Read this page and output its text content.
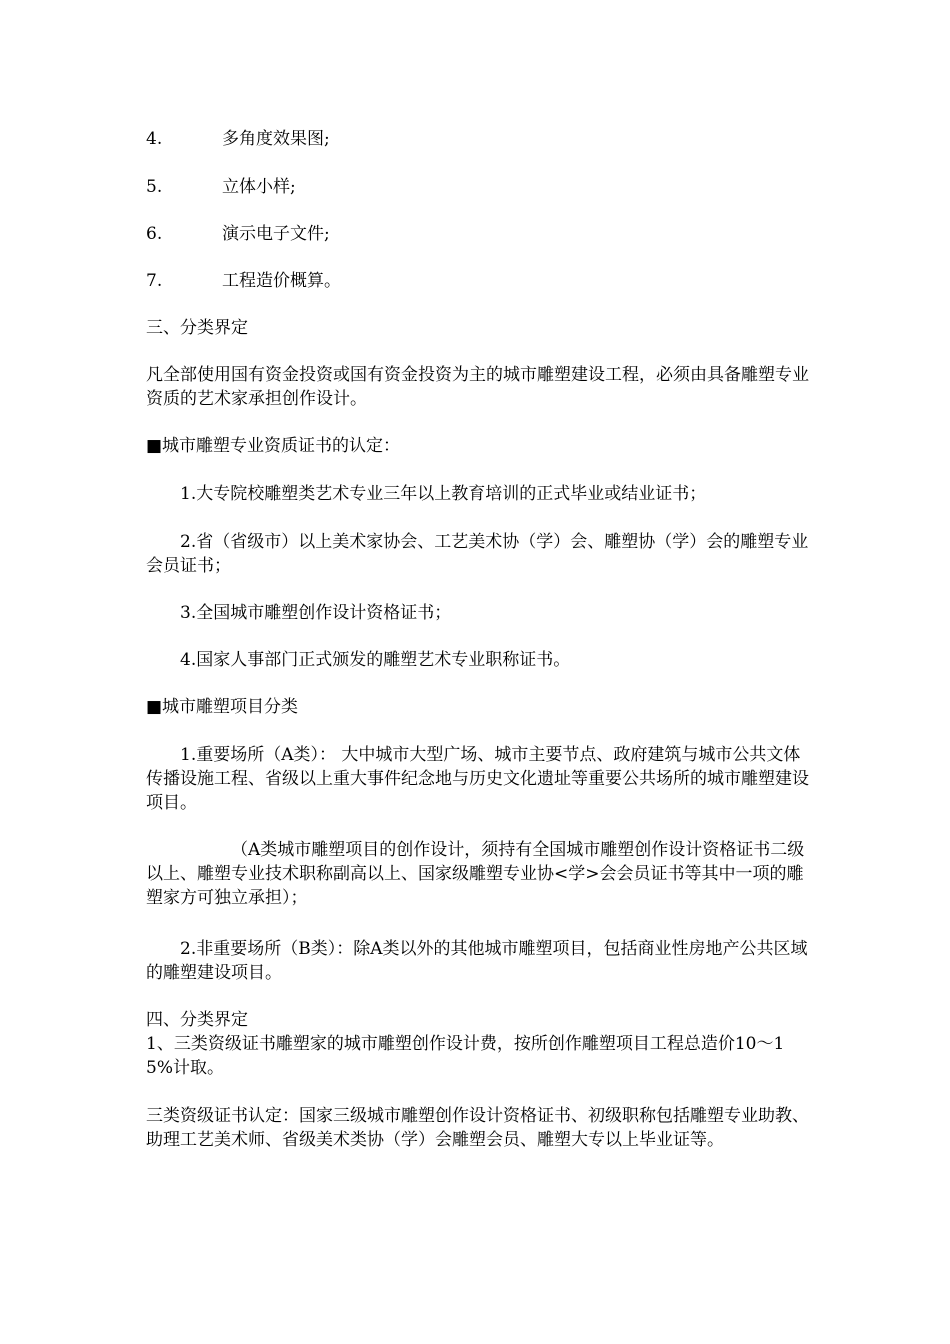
4.	多角度效果图;

5.	立体小样;

6.	演示电子文件;

7.	工程造价概算。

三、分类界定

凡全部使用国有资金投资或国有资金投资为主的城市雕塑建设工程，必须由具备雕塑专业资质的艺术家承担创作设计。

■城市雕塑专业资质证书的认定：

1.大专院校雕塑类艺术专业三年以上教育培训的正式毕业或结业证书；

2.省（省级市）以上美术家协会、工艺美术协（学）会、雕塑协（学）会的雕塑专业会员证书；

3.全国城市雕塑创作设计资格证书；

4.国家人事部门正式颁发的雕塑艺术专业职称证书。

■城市雕塑项目分类

1.重要场所（A类）： 大中城市大型广场、城市主要节点、政府建筑与城市公共文体传播设施工程、省级以上重大事件纪念地与历史文化遗址等重要公共场所的城市雕塑建设项目。

（A类城市雕塑项目的创作设计，须持有全国城市雕塑创作设计资格证书二级以上、雕塑专业技术职称副高以上、国家级雕塑专业协<学>会会员证书等其中一项的雕塑家方可独立承担）；

2.非重要场所（B类）：除A类以外的其他城市雕塑项目，包括商业性房地产公共区域的雕塑建设项目。

四、分类界定

1、三类资级证书雕塑家的城市雕塑创作设计费，按所创作雕塑项目工程总造价10～15%计取。

三类资级证书认定：国家三级城市雕塑创作设计资格证书、初级职称包括雕塑专业助教、助理工艺美术师、省级美术类协（学）会雕塑会员、雕塑大专以上毕业证等。
